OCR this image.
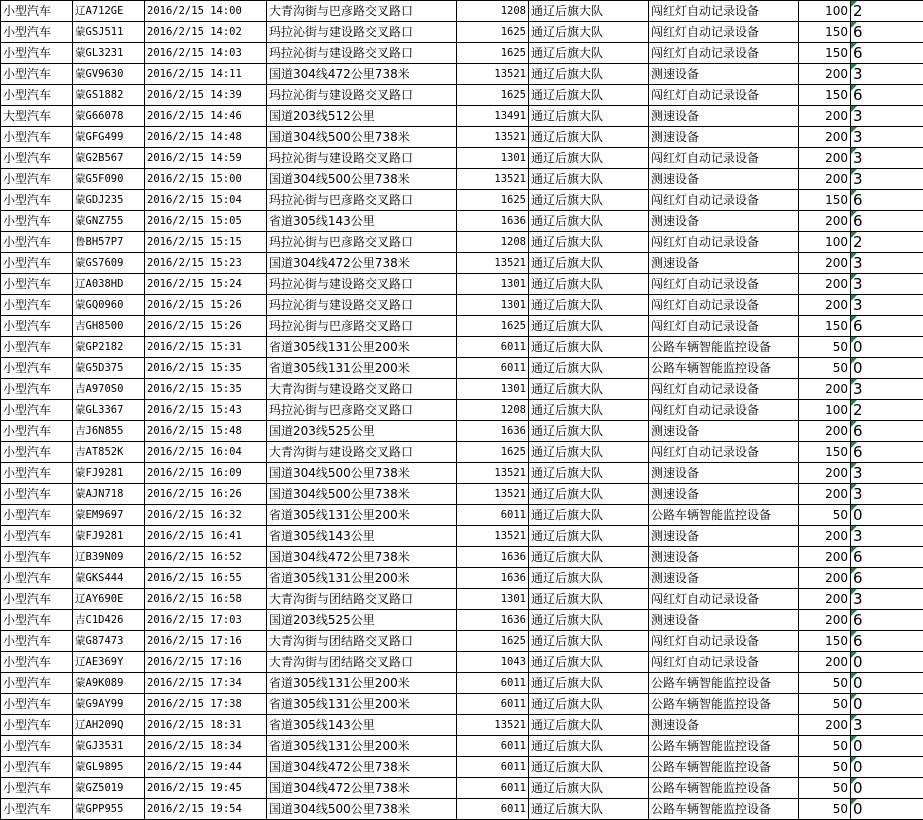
小型汽车	辽A712GE	2016/2/15 14:00	大青沟街与巴彦路交叉路口	1208	通辽后旗大队	闯红灯自动记录设备	100	2
小型汽车	蒙GSJ511	2016/2/15 14:02	玛拉沁街与建设路交叉路口	1625	通辽后旗大队	闯红灯自动记录设备	150	6
小型汽车	蒙GL3231	2016/2/15 14:03	玛拉沁街与建设路交叉路口	1625	通辽后旗大队	闯红灯自动记录设备	150	6
小型汽车	蒙GV9630	2016/2/15 14:11	国道304线472公里738米	13521	通辽后旗大队	测速设备	200	3
小型汽车	蒙GS1882	2016/2/15 14:39	玛拉沁街与建设路交叉路口	1625	通辽后旗大队	闯红灯自动记录设备	150	6
大型汽车	蒙G66078	2016/2/15 14:46	国道203线512公里	13491	通辽后旗大队	测速设备	200	3
小型汽车	蒙GFG499	2016/2/15 14:48	国道304线500公里738米	13521	通辽后旗大队	测速设备	200	3
小型汽车	蒙G2B567	2016/2/15 14:59	玛拉沁街与建设路交叉路口	1301	通辽后旗大队	闯红灯自动记录设备	200	3
小型汽车	蒙G5F090	2016/2/15 15:00	国道304线500公里738米	13521	通辽后旗大队	测速设备	200	3
小型汽车	蒙GDJ235	2016/2/15 15:04	玛拉沁街与巴彦路交叉路口	1625	通辽后旗大队	闯红灯自动记录设备	150	6
小型汽车	蒙GNZ755	2016/2/15 15:05	省道305线143公里	1636	通辽后旗大队	测速设备	200	6
小型汽车	鲁BH57P7	2016/2/15 15:15	玛拉沁街与巴彦路交叉路口	1208	通辽后旗大队	闯红灯自动记录设备	100	2
小型汽车	蒙GS7609	2016/2/15 15:23	国道304线472公里738米	13521	通辽后旗大队	测速设备	200	3
小型汽车	辽A038HD	2016/2/15 15:24	玛拉沁街与建设路交叉路口	1301	通辽后旗大队	闯红灯自动记录设备	200	3
小型汽车	蒙GQ0960	2016/2/15 15:26	玛拉沁街与建设路交叉路口	1301	通辽后旗大队	闯红灯自动记录设备	200	3
小型汽车	吉GH8500	2016/2/15 15:26	玛拉沁街与巴彦路交叉路口	1625	通辽后旗大队	闯红灯自动记录设备	150	6
小型汽车	蒙GP2182	2016/2/15 15:31	省道305线131公里200米	6011	通辽后旗大队	公路车辆智能监控设备	50	0
小型汽车	蒙G5D375	2016/2/15 15:35	省道305线131公里200米	6011	通辽后旗大队	公路车辆智能监控设备	50	0
小型汽车	吉A970S0	2016/2/15 15:35	大青沟街与建设路交叉路口	1301	通辽后旗大队	闯红灯自动记录设备	200	3
小型汽车	蒙GL3367	2016/2/15 15:43	玛拉沁街与巴彦路交叉路口	1208	通辽后旗大队	闯红灯自动记录设备	100	2
小型汽车	吉J6N855	2016/2/15 15:48	国道203线525公里	1636	通辽后旗大队	测速设备	200	6
小型汽车	吉AT852K	2016/2/15 16:04	大青沟街与建设路交叉路口	1625	通辽后旗大队	闯红灯自动记录设备	150	6
小型汽车	蒙FJ9281	2016/2/15 16:09	国道304线500公里738米	13521	通辽后旗大队	测速设备	200	3
小型汽车	蒙AJN718	2016/2/15 16:26	国道304线500公里738米	13521	通辽后旗大队	测速设备	200	3
小型汽车	蒙EM9697	2016/2/15 16:32	省道305线131公里200米	6011	通辽后旗大队	公路车辆智能监控设备	50	0
小型汽车	蒙FJ9281	2016/2/15 16:41	省道305线143公里	13521	通辽后旗大队	测速设备	200	3
小型汽车	辽B39N09	2016/2/15 16:52	国道304线472公里738米	1636	通辽后旗大队	测速设备	200	6
小型汽车	蒙GKS444	2016/2/15 16:55	省道305线131公里200米	1636	通辽后旗大队	测速设备	200	6
小型汽车	辽AY690E	2016/2/15 16:58	大青沟街与团结路交叉路口	1301	通辽后旗大队	闯红灯自动记录设备	200	3
小型汽车	吉C1D426	2016/2/15 17:03	国道203线525公里	1636	通辽后旗大队	测速设备	200	6
小型汽车	蒙G87473	2016/2/15 17:16	大青沟街与团结路交叉路口	1625	通辽后旗大队	闯红灯自动记录设备	150	6
小型汽车	辽AE369Y	2016/2/15 17:16	大青沟街与团结路交叉路口	1043	通辽后旗大队	闯红灯自动记录设备	200	0
小型汽车	蒙A9K089	2016/2/15 17:34	省道305线131公里200米	6011	通辽后旗大队	公路车辆智能监控设备	50	0
小型汽车	蒙G9AY99	2016/2/15 17:38	省道305线131公里200米	6011	通辽后旗大队	公路车辆智能监控设备	50	0
小型汽车	辽AH209Q	2016/2/15 18:31	省道305线143公里	13521	通辽后旗大队	测速设备	200	3
小型汽车	蒙GJ3531	2016/2/15 18:34	省道305线131公里200米	6011	通辽后旗大队	公路车辆智能监控设备	50	0
小型汽车	蒙GL9895	2016/2/15 19:44	国道304线472公里738米	6011	通辽后旗大队	公路车辆智能监控设备	50	0
小型汽车	蒙GZ5019	2016/2/15 19:45	国道304线472公里738米	6011	通辽后旗大队	公路车辆智能监控设备	50	0
小型汽车	蒙GPP955	2016/2/15 19:54	国道304线500公里738米	6011	通辽后旗大队	公路车辆智能监控设备	50	0
